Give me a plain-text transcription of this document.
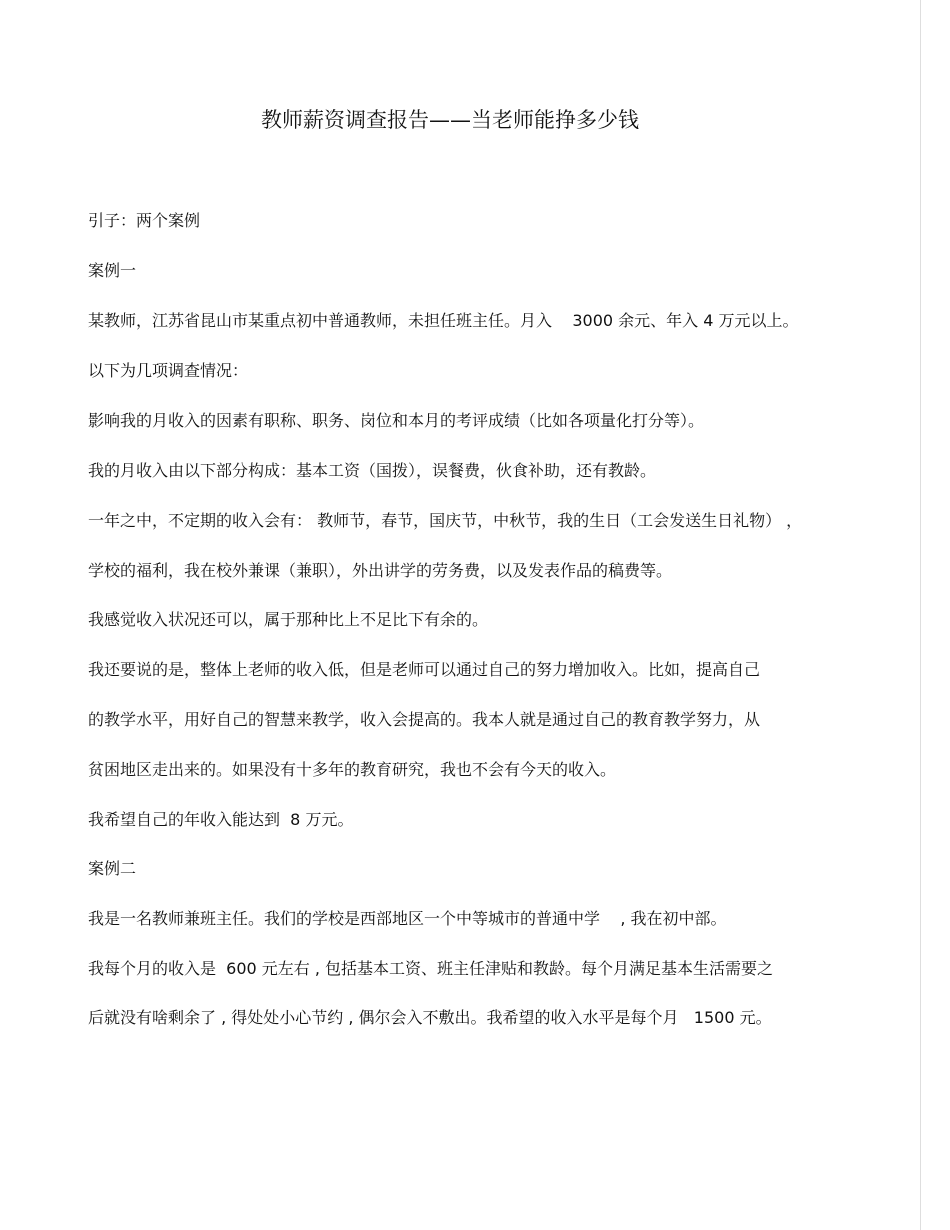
教师薪资调查报告——当老师能挣多少钱
引子：两个案例
案例一
某教师，江苏省昆山市某重点初中普通教师，未担任班主任。月入    3000 余元、年入 4 万元以上。
以下为几项调查情况：
影响我的月收入的因素有职称、职务、岗位和本月的考评成绩（比如各项量化打分等）。
我的月收入由以下部分构成：基本工资（国拨），误餐费，伙食补助，还有教龄。
一年之中，不定期的收入会有： 教师节，春节，国庆节，中秋节，我的生日（工会发送生日礼物） ，
学校的福利，我在校外兼课（兼职），外出讲学的劳务费，以及发表作品的稿费等。
我感觉收入状况还可以，属于那种比上不足比下有余的。
我还要说的是，整体上老师的收入低，但是老师可以通过自己的努力增加收入。比如，提高自己
的教学水平，用好自己的智慧来教学，收入会提高的。我本人就是通过自己的教育教学努力，从
贫困地区走出来的。如果没有十多年的教育研究，我也不会有今天的收入。
我希望自己的年收入能达到  8 万元。
案例二
我是一名教师兼班主任。我们的学校是西部地区一个中等城市的普通中学    , 我在初中部。
我每个月的收入是  600 元左右 , 包括基本工资、班主任津贴和教龄。每个月满足基本生活需要之
后就没有啥剩余了 , 得处处小心节约 , 偶尔会入不敷出。我希望的收入水平是每个月   1500 元。
